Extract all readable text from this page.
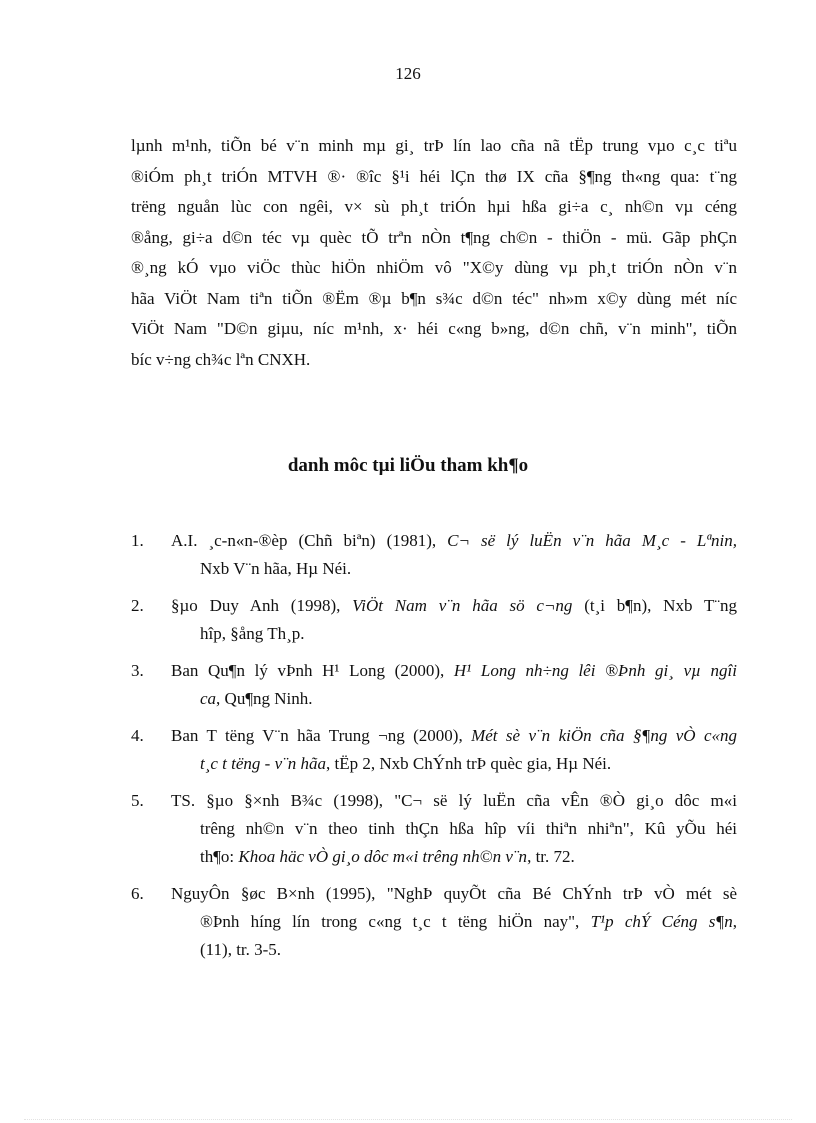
126
lµnh m¹nh, tiÕn bé v¨n minh mµ gi¸ trÞ lín lao cña nã tËp trung vµo c¸c tiªu
®iÓm ph¸t triÓn MTVH ®· ®îc §¹i héi lÇn thø IX cña §¶ng th«ng qua: t¨ng
trëng nguån lùc con ngêi, v× sù ph¸t triÓn hµi hßa gi÷a c¸ nh©n vµ céng
®ång, gi÷a d©n téc vµ quèc tÕ trªn nÒn t¶ng ch©n - thiÖn - mü. Gãp phÇn
®¸ng kÓ vµo viÖc thùc hiÖn nhiÖm vô "X©y dùng vµ ph¸t triÓn nÒn v¨n
hãa ViÖt Nam tiªn tiÕn ®Ëm ®µ b¶n s¾c d©n téc" nh»m x©y dùng mét níc
ViÖt Nam "D©n giµu, níc m¹nh, x· héi c«ng b»ng, d©n chñ, v¨n minh", tiÕn
bíc v÷ng ch¾c lªn CNXH.
danh môc tµi liÖu tham kh¶o
1. A.I. ¸c-n«n-®èp (Chñ biªn) (1981), C¬ së lý luËn v¨n hãa M¸c - Lªnin,
Nxb V¨n hãa, Hµ Néi.
2. §µo Duy Anh (1998), ViÖt Nam v¨n hãa sö c¬ng (t¸i b¶n), Nxb T¨ng
hîp, §ång Th¸p.
3. Ban Qu¶n lý vÞnh H¹ Long (2000), H¹ Long nh÷ng lêi ®Þnh gi¸ vµ ngîi
ca, Qu¶ng Ninh.
4. Ban T tëng V¨n hãa Trung ¬ng (2000), Mét sè v¨n kiÖn cña §¶ng vÒ c«ng
t¸c t tëng - v¨n hãa, tËp 2, Nxb ChÝnh trÞ quèc gia, Hµ Néi.
5. TS. §µo §×nh B¾c (1998), "C¬ së lý luËn cña vÊn ®Ò gi¸o dôc m«i
trêng nh©n v¨n theo tinh thÇn hßa hîp víi thiªn nhiªn", Kû yÕu héi
th¶o: Khoa häc vÒ gi¸o dôc m«i trêng nh©n v¨n, tr. 72.
6. NguyÔn §øc B×nh (1995), "NghÞ quyÕt cña Bé ChÝnh trÞ vÒ mét sè
®Þnh híng lín trong c«ng t¸c t tëng hiÖn nay", T¹p chÝ Céng s¶n,
(11), tr. 3-5.
